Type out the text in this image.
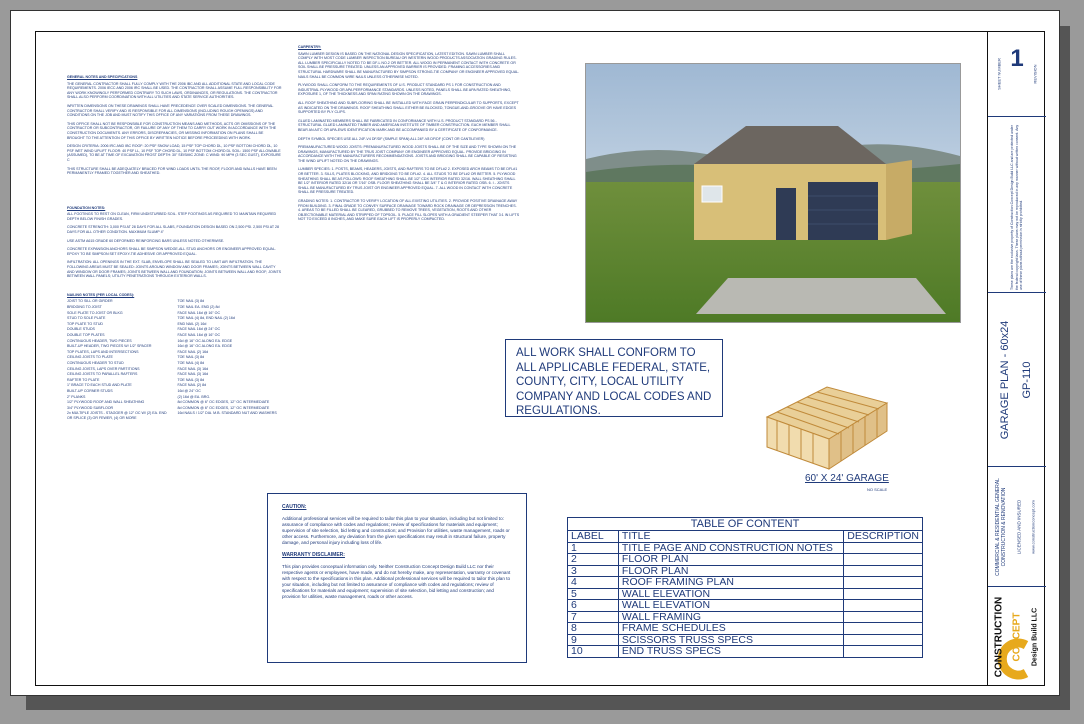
GENERAL NOTES AND SPECIFICATIONS

THE GENERAL CONTRACTOR SHALL FULLY COMPLY WITH THE 2006 IBC AND ALL ADDITIONAL STATE AND LOCAL CODE REQUIREMENTS. 2006 IECC AND 2006 IRC SHALL BE USED. THE CONTRACTOR SHALL ASSUME FULL RESPONSIBILITY FOR ANY WORK KNOWINGLY PERFORMED CONTRARY TO SUCH LAWS, ORDINANCES, OR REGULATIONS. THE CONTRACTOR SHALL ALSO PERFORM COORDINATION WITH ALL UTILITIES AND STATE SERVICE AUTHORITIES.

WRITTEN DIMENSIONS ON THESE DRAWINGS SHALL HAVE PRECEDENCE OVER SCALED DIMENSIONS. THE GENERAL CONTRACTOR SHALL VERIFY AND IS RESPONSIBLE FOR ALL DIMENSIONS (INCLUDING ROUGH OPENINGS) AND CONDITIONS ON THE JOB AND MUST NOTIFY THIS OFFICE OF ANY VARIATIONS FROM THESE DRAWINGS.

THIS OFFICE SHALL NOT BE RESPONSIBLE FOR CONSTRUCTION MEANS AND METHODS, ACTS OR OMISSIONS OF THE CONTRACTOR OR SUBCONTRACTOR, OR FAILURE OF ANY OF THEM TO CARRY OUT WORK IN ACCORDANCE WITH THE CONSTRUCTION DOCUMENTS. ANY ERRORS, DISCREPANCIES, OR MISSING INFORMATION ON PLANS SHALL BE BROUGHT TO THE ATTENTION OF THIS OFFICE BY WRITTEN NOTICE BEFORE PROCEEDING WITH WORK.

DESIGN CRITERIA: 2006 IRC AND IBC ROOF: 20 PSF SNOW LOAD, 15 PSF TOP CHORD DL, 10 PSF BOTTOM CHORD DL, 10 PSF WET WIND UPLIFT FLOOR: 40 PSF LL, 10 PSF TOP CHORD DL, 10 PSF BOTTOM CHORD DL SOIL: 1500 PSF ALLOWABLE (ASSUMED), TO BE AT TIME OF EXCAVATION FROST DEPTH: 30" SEISMIC ZONE: C WIND: 90 MPH (3 SEC GUST), EXPOSURE C

THIS STRUCTURE SHALL BE ADEQUATELY BRACED FOR WIND LOADS UNTIL THE ROOF, FLOOR AND WALLS HAVE BEEN PERMANENTLY FRAMED TOGETHER AND SHEATHED.

FOUNDATION NOTES:

ALL FOOTINGS TO REST ON CLEAN, FIRM UNDISTURBED SOIL. STEP FOOTINGS AS REQUIRED TO MAINTAIN REQUIRED DEPTH BELOW FINISH GRADES.

CONCRETE STRENGTH: 3,000 PSI AT 28 DAYS FOR ALL SLABS, FOUNDATION DESIGN BASED ON 2,500 PSI. 2,500 PSI AT 28 DAYS FOR ALL OTHER CONDITION. MAXIMUM SLUMP 4"

USE ASTM A615 GRADE 60 DEFORMED REINFORCING BARS UNLESS NOTED OTHERWISE.

CONCRETE EXPANSION ANCHORS SHALL BE SIMPSON WEDGE-ALL STUD ANCHORS OR ENGINEER APPROVED EQUAL. EPOXY TO BE SIMPSON SET EPOXY-TIE ADHESIVE OR APPROVED EQUAL.

INFILTRATION: ALL OPENINGS IN THE EXT. SLAB, ENVELOPE SHALL BE SEALED TO LIMIT AIR INFILTRATION. THE FOLLOWING AREAS MUST BE SEALED: JOINTS AROUND WINDOW AND DOOR FRAMES; JOINTS BETWEEN WALL CAVITY AND WINDOW OR DOOR FRAMES; JOINTS BETWEEN WALL AND FOUNDATION; JOINTS BETWEEN WALL AND ROOF; JOINTS BETWEEN WALL PANELS; UTILITY PENETRATIONS THROUGH EXTERIOR WALLS.

NAILING NOTES (PER LOCAL CODES):
JOIST TO SILL OR GIRDER	TOE NAIL (3) 8d
BRIDGING TO JOIST	TOE NAIL EA. END (2) 8d
SOLE PLATE TO JOIST OR BLKG	FACE NAIL 16d @ 16" OC
STUD TO SOLE PLATE	TOE NAIL (4) 8d, END NAIL (2) 16d
TOP PLATE TO STUD	END NAIL (2) 16d
DOUBLE STUDS	FACE NAIL 16d @ 24" OC
DOUBLE TOP PLATES	FACE NAIL 16d @ 16" OC
CONTINUOUS HEADER, TWO PIECES	16d @ 16" OC ALONG EA. EDGE
BUILT-UP HEADER, TWO PIECES W/ 1/2" SPACER	16d @ 16" OC ALONG EA. EDGE
TOP PLATES, LAPS AND INTERSECTIONS	FACE NAIL (2) 16d
CEILING JOISTS TO PLATE	TOE NAIL (3) 8d
CONTINUOUS HEADER TO STUD	TOE NAIL (4) 8d
CEILING JOISTS, LAPS OVER PARTITIONS	FACE NAIL (3) 16d
CEILING JOISTS TO PARALLEL RAFTERS	FACE NAIL (3) 16d
RAFTER TO PLATE	TOE NAIL (3) 8d
1" BRACE TO EACH STUD AND PLATE	FACE NAIL (2) 8d
BUILT-UP CORNER STUDS	16d @ 24" OC
2" PLANKS	(2) 16d @ EA. BRG.
1/2" PLYWOOD ROOF AND WALL SHEATHING	8d COMMON @ 6" OC EDGES, 12" OC INTERMEDIATE
3/4" PLYWOOD SUBFLOOR	8d COMMON @ 6" OC EDGES, 12" OC INTERMEDIATE
2x MULTIPLE JOISTS - STAGGER @ 12" OC W/ (2) EA. END OR SPLICE (3) OR FEWER, (4) OR MORE
16d NAILS / 1/2" DIA. M.B. STANDARD NUT AND WASHERS
CARPENTRY:

SAWN LUMBER DESIGN IS BASED ON THE NATIONAL DESIGN SPECIFICATION, LATEST EDITION. SAWN LUMBER SHALL COMPLY WITH MOST CODE LUMBER INSPECTION BUREAU OR WESTERN WOOD PRODUCTS ASSOCIATION GRADING RULES. ALL LUMBER SPECIFICALLY NOTED TO BE DF-L NO.2 OR BETTER. ALL WOOD IN PERMANENT CONTACT WITH CONCRETE OR SOIL SHALL BE PRESSURE TREATED. UNLESS AN APPROVED BARRIER IS PROVIDED. FRAMING ACCESSORIES AND STRUCTURAL HARDWARE SHALL BE MANUFACTURED BY SIMPSON STRONG-TIE COMPANY OR ENGINEER APPROVED EQUAL. NAILS SHALL BE COMMON WIRE NAILS UNLESS OTHERWISE NOTED.

PLYWOOD SHALL CONFORM TO THE REQUIREMENTS OF U.S. PRODUCT STANDARD PS 1 FOR CONSTRUCTION AND INDUSTRIAL PLYWOOD OR APA PERFORMANCE STANDARDS. UNLESS NOTED, PANELS SHALL BE APA RATED SHEATHING, EXPOSURE 1, OF THE THICKNESS AND SPAN RATING SHOWN ON THE DRAWINGS.

ALL ROOF SHEATHING AND SUBFLOORING SHALL BE INSTALLED WITH FACE GRAIN PERPENDICULAR TO SUPPORTS, EXCEPT AS INDICATED ON THE DRAWINGS. ROOF SHEATHING SHALL EITHER BE BLOCKED, TONGUE-AND-GROOVE OR HAVE EDGES SUPPORTED BY PLY CLIPS.

GLUED LAMINATED MEMBERS SHALL BE FABRICATED IN CONFORMANCE WITH U.S. PRODUCT STANDARD PS 56 - STRUCTURAL GLUED LAMINATED TIMBER AND AMERICAN INSTITUTE OF TIMBER CONSTRUCTION. EACH MEMBER SHALL BEAR AN AITC OR APA-EWS IDENTIFICATION MARK AND BE ACCOMPANIED BY A CERTIFICATE OF CONFORMANCE.

DEPTH SYMBOL SPECIES USE ALL 24F-V4 DF/DF (SIMPLE SPAN) ALL 24F-V8 DF/DF (CONT OR CANTILEVER)

PREMANUFACTURED WOOD JOISTS: PREMANUFACTURED WOOD JOISTS SHALL BE OF THE SIZE AND TYPE SHOWN ON THE DRAWINGS, MANUFACTURED BY THE TRUS JOIST COMPANY OR ENGINEER APPROVED EQUAL. PROVIDE BRIDGING IN ACCORDANCE WITH THE MANUFACTURERS RECOMMENDATIONS. JOISTS AND BRIDGING SHALL BE CAPABLE OF RESISTING THE WIND UPLIFT NOTED ON THE DRAWINGS.

LUMBER SPECIES: 1. POSTS, BEAMS, HEADERS, JOISTS, AND RAFTERS TO BE DFL#2 2. EXPOSED ARCH BEAMS TO BE DFL#1 OR BETTER. 3. SILLS, PLATES BLOCKING, AND BRIDGING TO BE DFL#2. 4. ALL STUDS TO BE DFL#2 OR BETTER. 5. PLYWOOD SHEATHING SHALL BE AS FOLLOWS: ROOF SHEATHING SHALL BE 1/2" CDX INTERIOR RATED 32/16. WALL SHEATHING SHALL BE 1/2" INTERIOR RATED 32/16 OR 7/16" OSB. FLOOR SHEATHING SHALL BE 3/4" T & G INTERIOR RATED OSB. 6. I - JOISTS SHALL BE MANUFACTURED BY TRUS JOIST OR ENGINEER APPROVED EQUAL. 7. ALL WOOD IN CONTACT WITH CONCRETE SHALL BE PRESSURE TREATED.

GRADING NOTES: 1. CONTRACTOR TO VERIFY LOCATION OF ALL EXISTING UTILITIES. 2. PROVIDE POSITIVE DRAINAGE AWAY FROM BUILDING. 3. FINAL GRADE TO CONVEY SURFACE DRAINAGE TOWARD ROCK DRAINAGE OR DEPRESSION TRENCHES. 4. AREAS TO BE FILLED SHALL BE CLEARED, GRUBBED TO REMOVE TREES, VEGETATION, ROOTS AND OTHER OBJECTIONABLE MATERIAL AND STRIPPED OF TOPSOIL. 5. PLACE FILL SLOPES WITH A GRADIENT STEEPER THAT 3:1 IN LIFTS NOT TO EXCEED 8 INCHES, AND MAKE SURE EACH LIFT IS PROPERLY COMPACTED.

ALL WORK SHALL CONFORM TO ALL APPLICABLE FEDERAL, STATE, COUNTY, CITY, LOCAL UTILITY COMPANY AND LOCAL CODES AND REGULATIONS.
60' X 24' GARAGE
NO SCALE
CAUTION:

Additional professional services will be required to tailor this plan to your situation, including but not limited to: assurance of compliance with codes and regulations; review of specifications for materials and equipment; supervision of site selection, bid letting and construction; and Provision for utilities, waste management, roads or other access. Furthermore, any deviation from the given specifications may result in structural failure, property damage, and personal injury including loss of life.

WARRANTY DISCLAIMER:

This plan provides conceptual information only. Neither Construction Concept Design Build LLC nor their respective agents or employees, have made, and do not hereby make, any representation, warranty or covenant with respect to the specifications in this plan. Additional professional services will be required to tailor this plan to your situation, including but not limited to assurance of compliance with codes and regulations; review of specifications for materials and equipment; supervision of site selection, bid letting and construction; and provision for utilities, waste management, roads or other access.

TABLE OF CONTENT
LABEL	TITLE	DESCRIPTION
1	TITLE PAGE AND CONSTRUCTION NOTES	
2	FLOOR PLAN	
3	FLOOR PLAN	
4	ROOF FRAMING PLAN	
5	WALL ELEVATION	
6	WALL ELEVATION	
7	WALL FRAMING	
8	FRAME SCHEDULES	
9	SCISSORS TRUSS SPECS	
10	END TRUSS SPECS	
SHEET NUMBER 1
REVISION
These plans are the exclusive property of Construction Concept Design Build LLC and are protected under the federal copyright laws. These plans may not be reproduced in any manner without written consent. Any use of these plans without permission is strictly prohibited.
GARAGE PLAN - 60x24 GP-110
COMMERCIAL & RESIDENTIAL GENERAL CONSTRUCTION & RENOVATION LICENSED AND INSURED www.constructionconcept.com
CONSTRUCTION CONCEPT Design Build LLC
